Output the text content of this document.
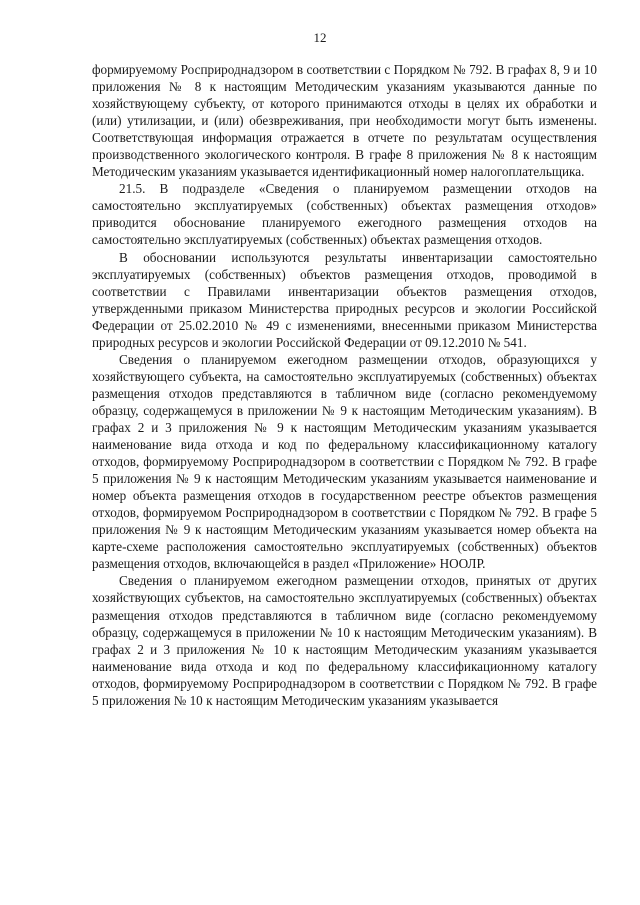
12

формируемому Росприроднадзором в соответствии с Порядком № 792. В графах 8, 9 и 10 приложения № 8 к настоящим Методическим указаниям указываются данные по хозяйствующему субъекту, от которого принимаются отходы в целях их обработки и (или) утилизации, и (или) обезвреживания, при необходимости могут быть изменены. Соответствующая информация отражается в отчете по результатам осуществления производственного экологического контроля. В графе 8 приложения № 8 к настоящим Методическим указаниям указывается идентификационный номер налогоплательщика.

21.5. В подразделе «Сведения о планируемом размещении отходов на самостоятельно эксплуатируемых (собственных) объектах размещения отходов» приводится обоснование планируемого ежегодного размещения отходов на самостоятельно эксплуатируемых (собственных) объектах размещения отходов.

В обосновании используются результаты инвентаризации самостоятельно эксплуатируемых (собственных) объектов размещения отходов, проводимой в соответствии с Правилами инвентаризации объектов размещения отходов, утвержденными приказом Министерства природных ресурсов и экологии Российской Федерации от 25.02.2010 № 49 с изменениями, внесенными приказом Министерства природных ресурсов и экологии Российской Федерации от 09.12.2010 № 541.

Сведения о планируемом ежегодном размещении отходов, образующихся у хозяйствующего субъекта, на самостоятельно эксплуатируемых (собственных) объектах размещения отходов представляются в табличном виде (согласно рекомендуемому образцу, содержащемуся в приложении № 9 к настоящим Методическим указаниям). В графах 2 и 3 приложения № 9 к настоящим Методическим указаниям указывается наименование вида отхода и код по федеральному классификационному каталогу отходов, формируемому Росприроднадзором в соответствии с Порядком № 792. В графе 5 приложения № 9 к настоящим Методическим указаниям указывается наименование и номер объекта размещения отходов в государственном реестре объектов размещения отходов, формируемом Росприроднадзором в соответствии с Порядком № 792. В графе 5 приложения № 9 к настоящим Методическим указаниям указывается номер объекта на карте-схеме расположения самостоятельно эксплуатируемых (собственных) объектов размещения отходов, включающейся в раздел «Приложение» НООЛР.

Сведения о планируемом ежегодном размещении отходов, принятых от других хозяйствующих субъектов, на самостоятельно эксплуатируемых (собственных) объектах размещения отходов представляются в табличном виде (согласно рекомендуемому образцу, содержащемуся в приложении № 10 к настоящим Методическим указаниям). В графах 2 и 3 приложения № 10 к настоящим Методическим указаниям указывается наименование вида отхода и код по федеральному классификационному каталогу отходов, формируемому Росприроднадзором в соответствии с Порядком № 792. В графе 5 приложения № 10 к настоящим Методическим указаниям указывается
